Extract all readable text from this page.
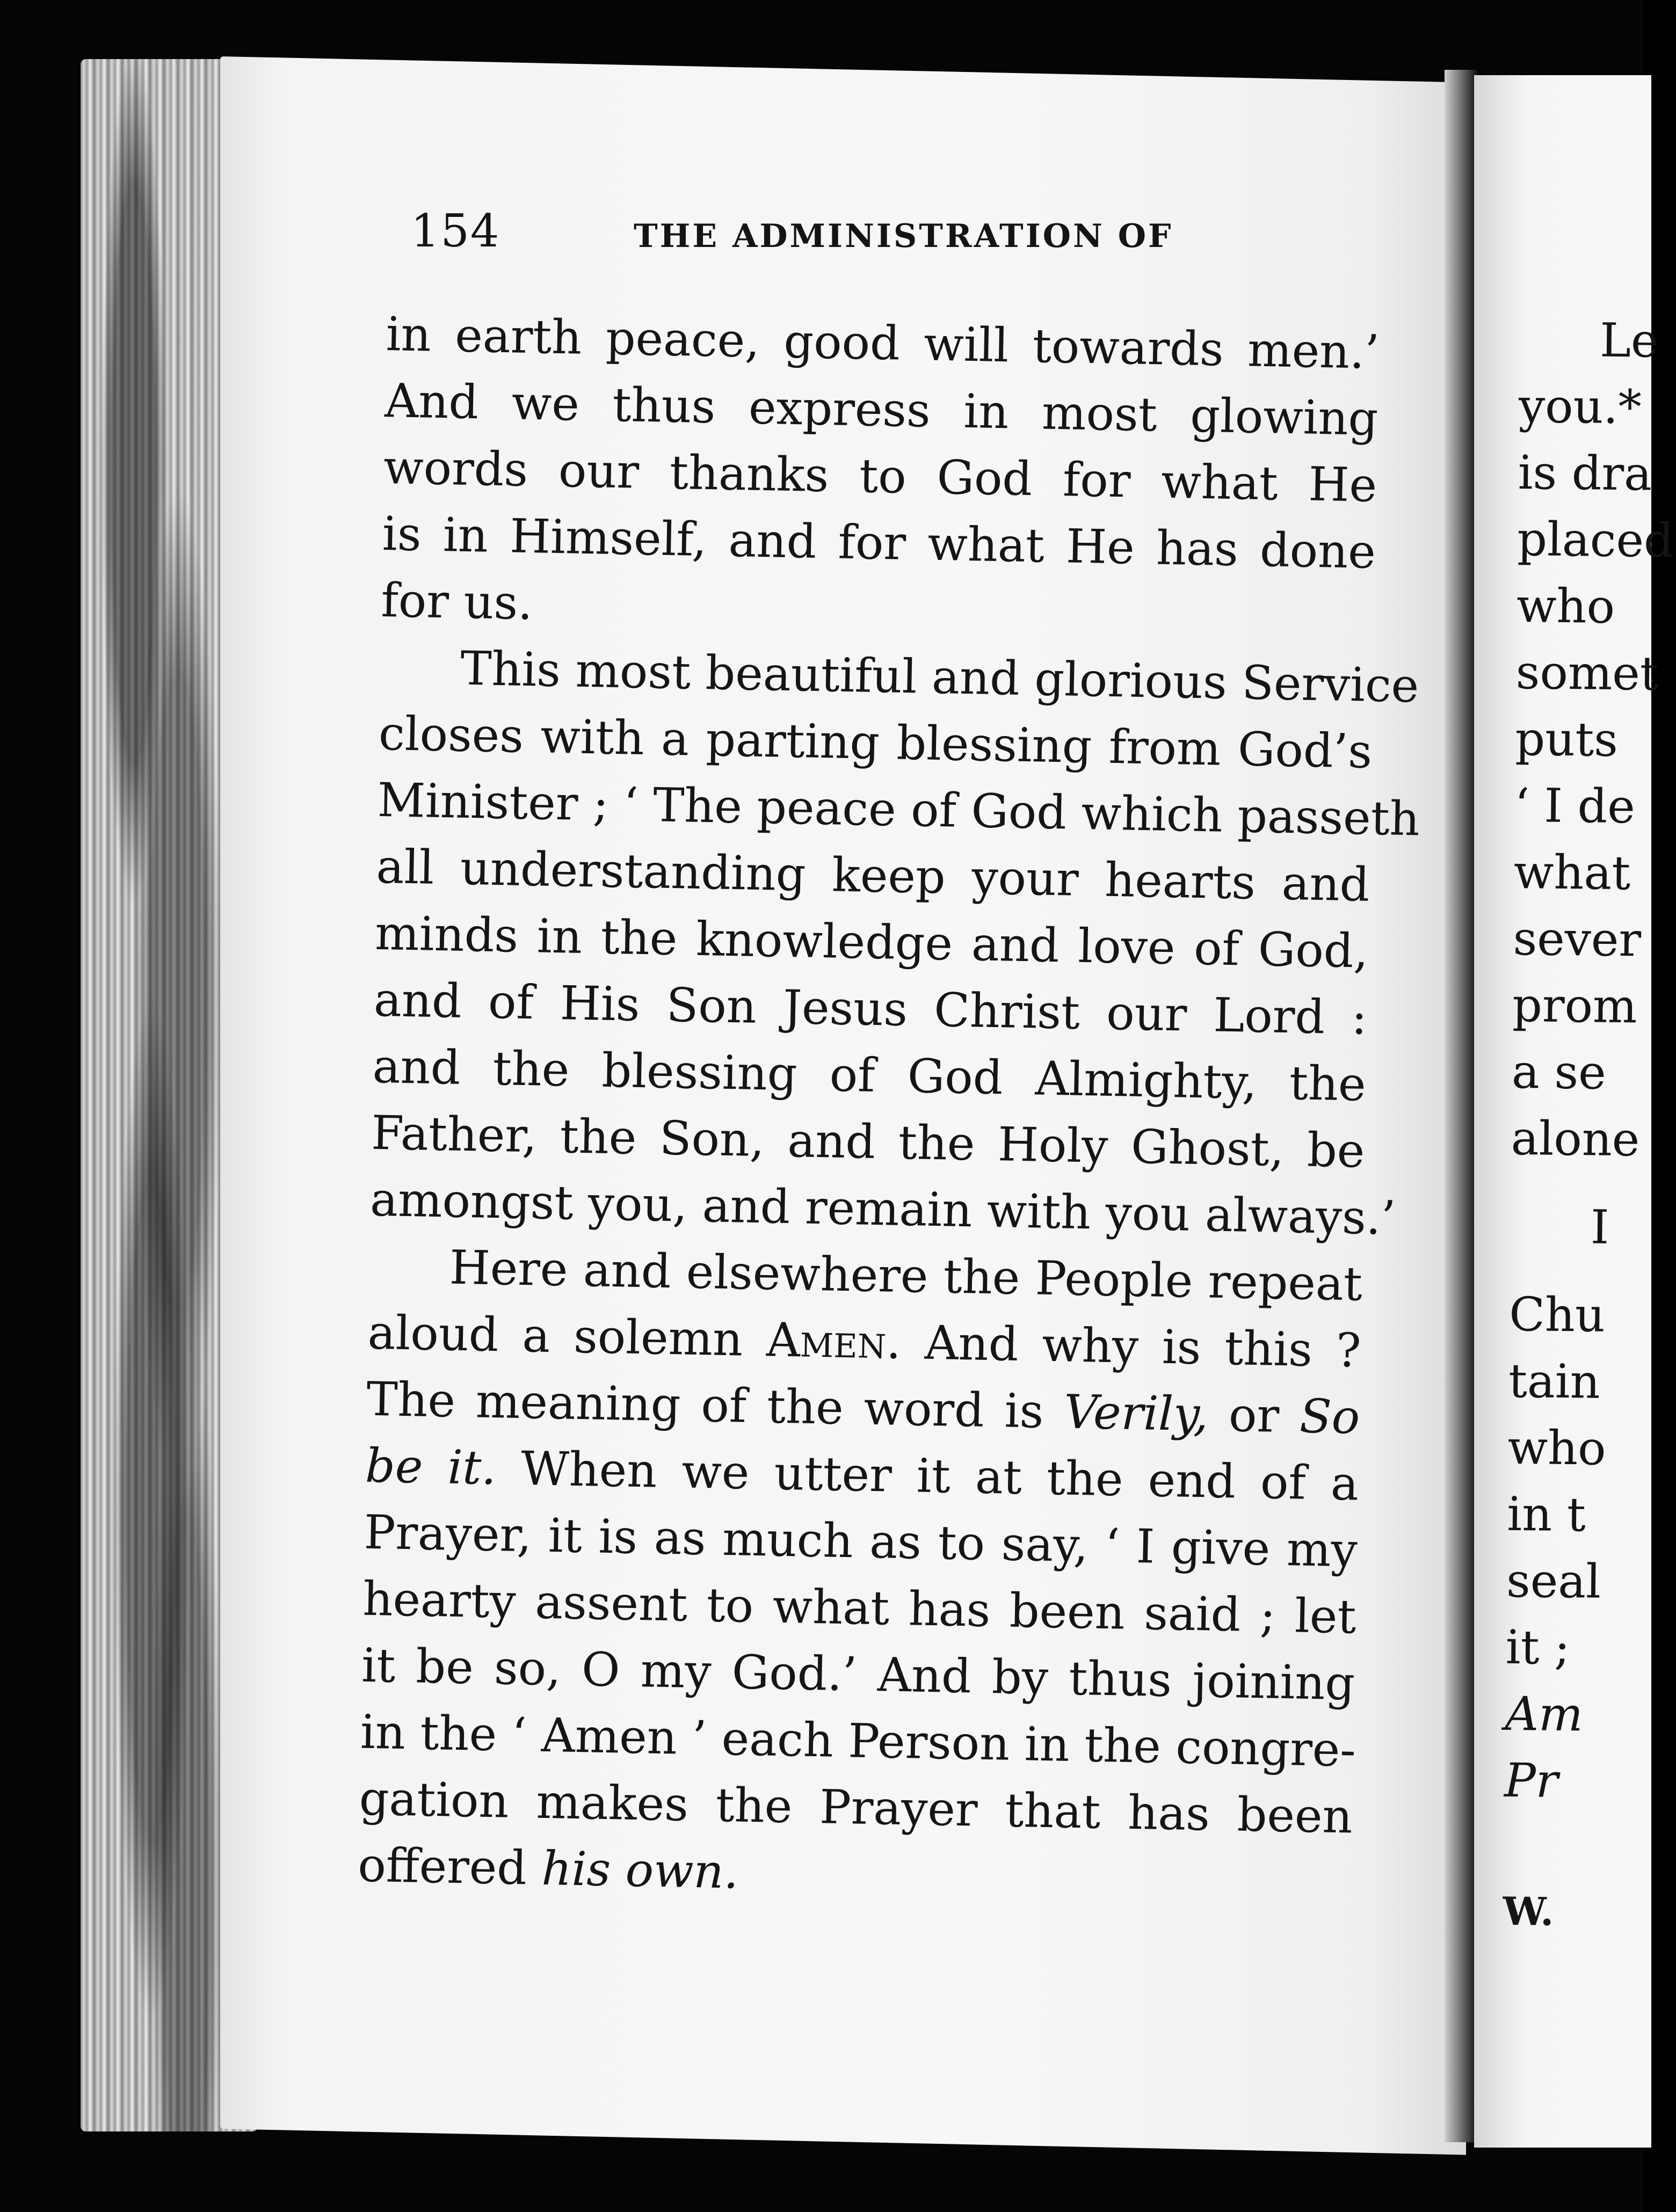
154	THE ADMINISTRATION OF
in earth peace, good will towards men.’
And we thus express in most glowing
words our thanks to God for what He
is in Himself, and for what He has done
for us.
This most beautiful and glorious Service
closes with a parting blessing from God’s
Minister ; ‘ The peace of God which passeth
all understanding keep your hearts and
minds in the knowledge and love of God,
and of His Son Jesus Christ our Lord :
and the blessing of God Almighty, the
Father, the Son, and the Holy Ghost, be
amongst you, and remain with you always.’
Here and elsewhere the People repeat
aloud a solemn Amen. And why is this ?
The meaning of the word is Verily, or So
be it. When we utter it at the end of a
Prayer, it is as much as to say, ‘ I give my
hearty assent to what has been said ; let
it be so, O my God.’ And by thus joining
in the ‘ Amen ’ each Person in the congre-
gation makes the Prayer that has been
offered his own.
Le
you.*
is dra
placed
who
somet
puts
‘ I de
what
sever
prom
a se
alone
I
Chu
tain
who
in t
seal
it ;
Am
Pr
W.
